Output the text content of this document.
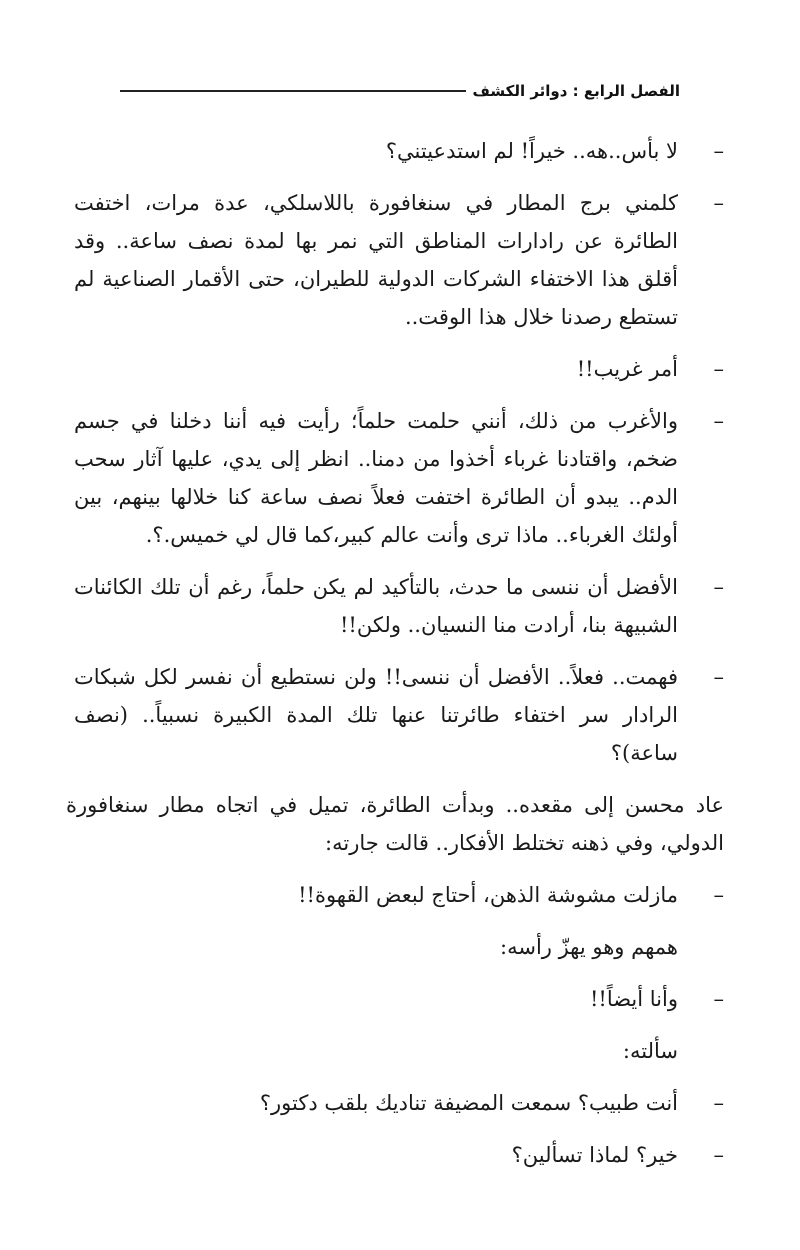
الفصل الرابع : دوائر الكشف

–
لا بأس..هه.. خيراً! لم استدعيتني؟

–
كلمني برج المطار في سنغافورة باللاسلكي، عدة مرات، اختفت الطائرة عن رادارات المناطق التي نمر بها لمدة نصف ساعة.. وقد أقلق هذا الاختفاء الشركات الدولية للطيران، حتى الأقمار الصناعية لم تستطع رصدنا خلال هذا الوقت..

–
أمر غريب!!

–
والأغرب من ذلك، أنني حلمت حلماً؛ رأيت فيه أننا دخلنا في جسم ضخم، واقتادنا غرباء أخذوا من دمنا.. انظر إلى يدي، عليها آثار سحب الدم.. يبدو أن الطائرة اختفت فعلاً نصف ساعة كنا خلالها بينهم، بين أولئك الغرباء.. ماذا ترى وأنت عالم كبير،كما قال لي خميس.؟.

–
الأفضل أن ننسى ما حدث، بالتأكيد لم يكن حلماً، رغم أن تلك الكائنات الشبيهة بنا، أرادت منا النسيان.. ولكن!!

–
فهمت.. فعلاً.. الأفضل أن ننسى!! ولن نستطيع أن نفسر لكل شبكات الرادار سر اختفاء طائرتنا عنها تلك المدة الكبيرة نسبياً.. (نصف ساعة)؟

عاد محسن إلى مقعده.. وبدأت الطائرة، تميل في اتجاه مطار سنغافورة الدولي، وفي ذهنه تختلط الأفكار.. قالت جارته:

–
مازلت مشوشة الذهن، أحتاج لبعض القهوة!!

همهم وهو يهزّ رأسه:

–
وأنا أيضاً!!

سألته:

–
أنت طبيب؟ سمعت المضيفة تناديك بلقب دكتور؟

–
خير؟ لماذا تسألين؟
